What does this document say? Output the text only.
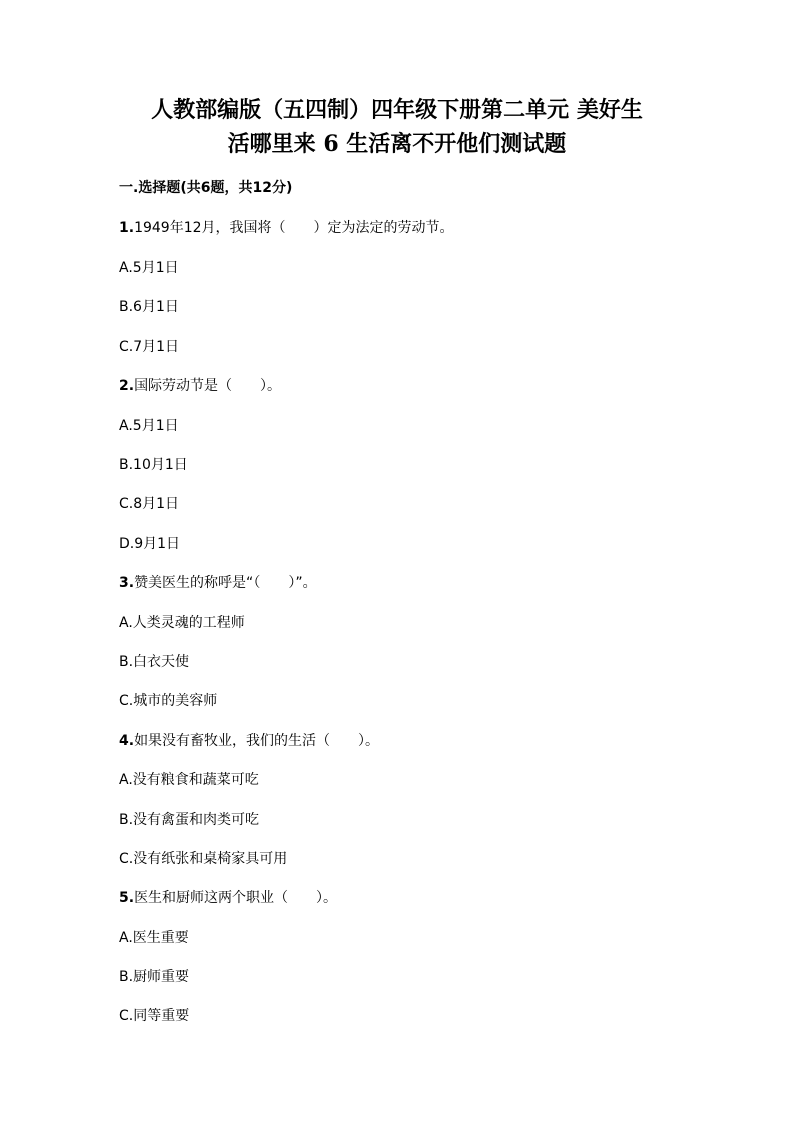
人教部编版（五四制）四年级下册第二单元 美好生
活哪里来 6 生活离不开他们测试题
一.选择题(共6题，共12分)
1.1949年12月，我国将（　　）定为法定的劳动节。
A.5月1日
B.6月1日
C.7月1日
2.国际劳动节是（　　）。
A.5月1日
B.10月1日
C.8月1日
D.9月1日
3.赞美医生的称呼是“（　　）”。
A.人类灵魂的工程师
B.白衣天使
C.城市的美容师
4.如果没有畜牧业，我们的生活（　　）。
A.没有粮食和蔬菜可吃
B.没有禽蛋和肉类可吃
C.没有纸张和桌椅家具可用
5.医生和厨师这两个职业（　　）。
A.医生重要
B.厨师重要
C.同等重要
